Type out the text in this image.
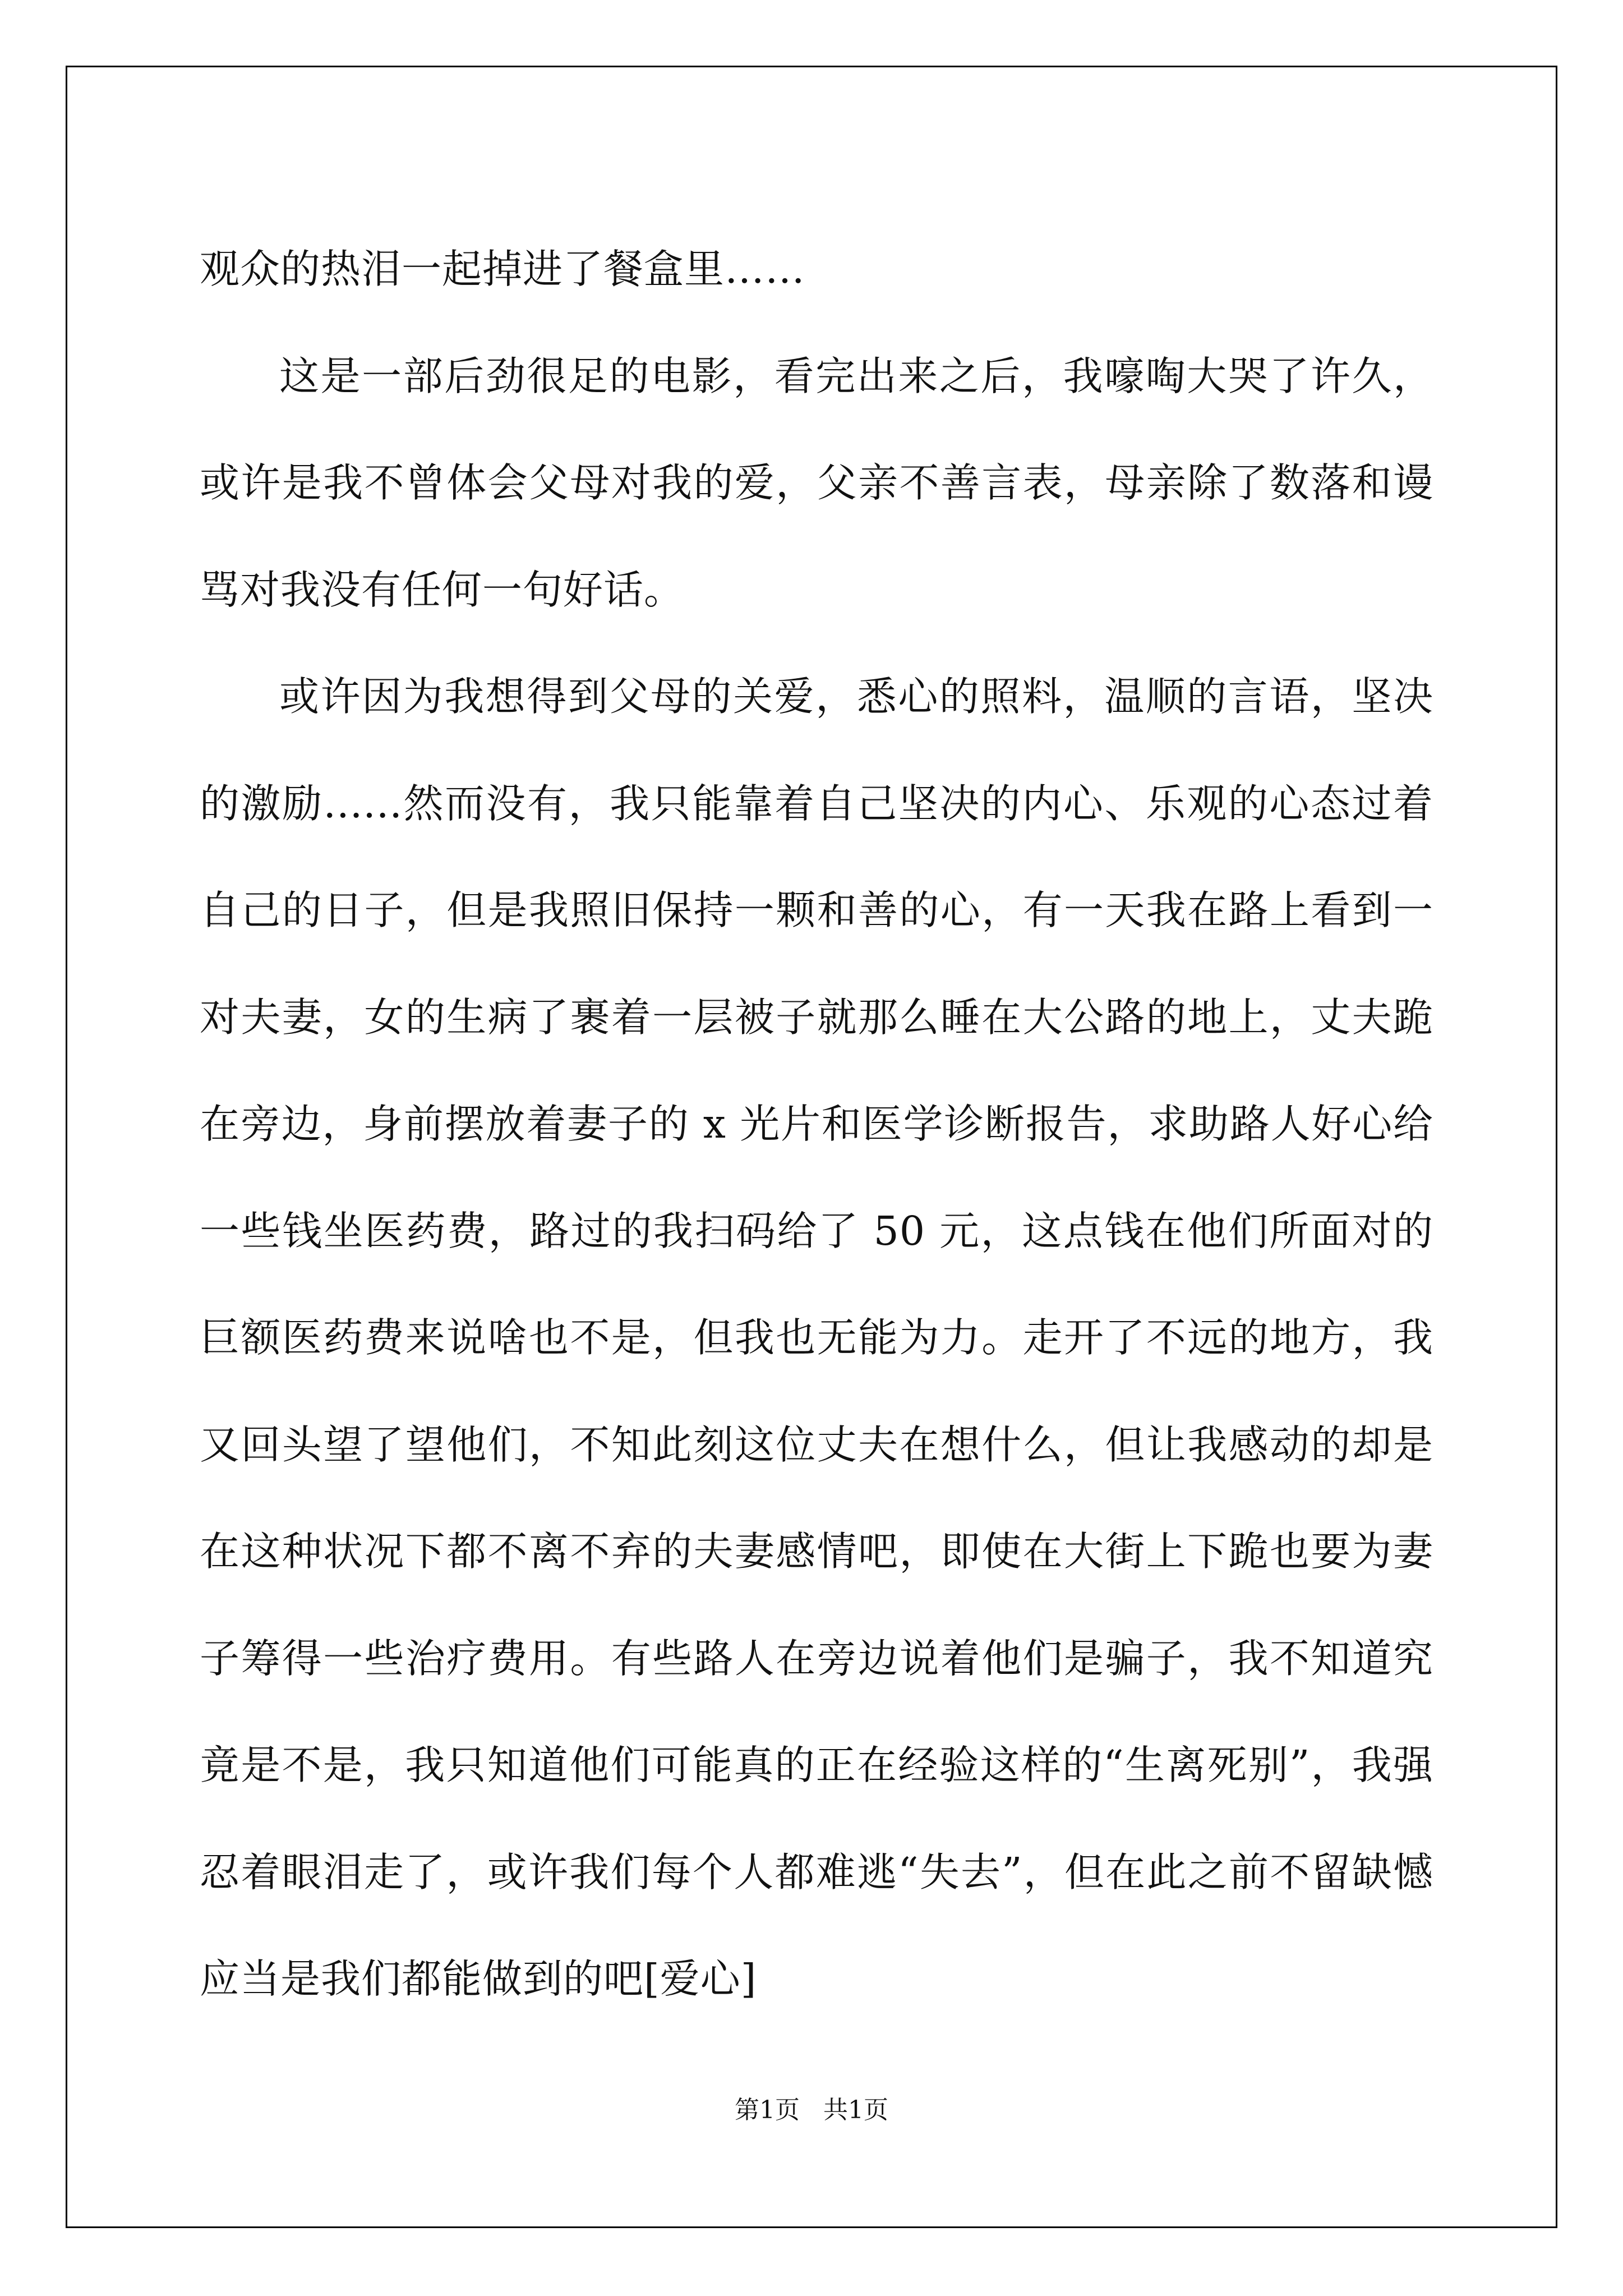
观众的热泪一起掉进了餐盒里……

这是一部后劲很足的电影，看完出来之后，我嚎啕大哭了许久，或许是我不曾体会父母对我的爱，父亲不善言表，母亲除了数落和谩骂对我没有任何一句好话。

或许因为我想得到父母的关爱，悉心的照料，温顺的言语，坚决的激励......然而没有，我只能靠着自己坚决的内心、乐观的心态过着自己的日子，但是我照旧保持一颗和善的心，有一天我在路上看到一对夫妻，女的生病了裹着一层被子就那么睡在大公路的地上，丈夫跪在旁边，身前摆放着妻子的 x 光片和医学诊断报告，求助路人好心给一些钱坐医药费，路过的我扫码给了 50 元，这点钱在他们所面对的巨额医药费来说啥也不是，但我也无能为力。走开了不远的地方，我又回头望了望他们，不知此刻这位丈夫在想什么，但让我感动的却是在这种状况下都不离不弃的夫妻感情吧，即使在大街上下跪也要为妻子筹得一些治疗费用。有些路人在旁边说着他们是骗子，我不知道究竟是不是，我只知道他们可能真的正在经验这样的“生离死别”，我强忍着眼泪走了，或许我们每个人都难逃“失去”，但在此之前不留缺憾应当是我们都能做到的吧[爱心]

第1页   共1页
